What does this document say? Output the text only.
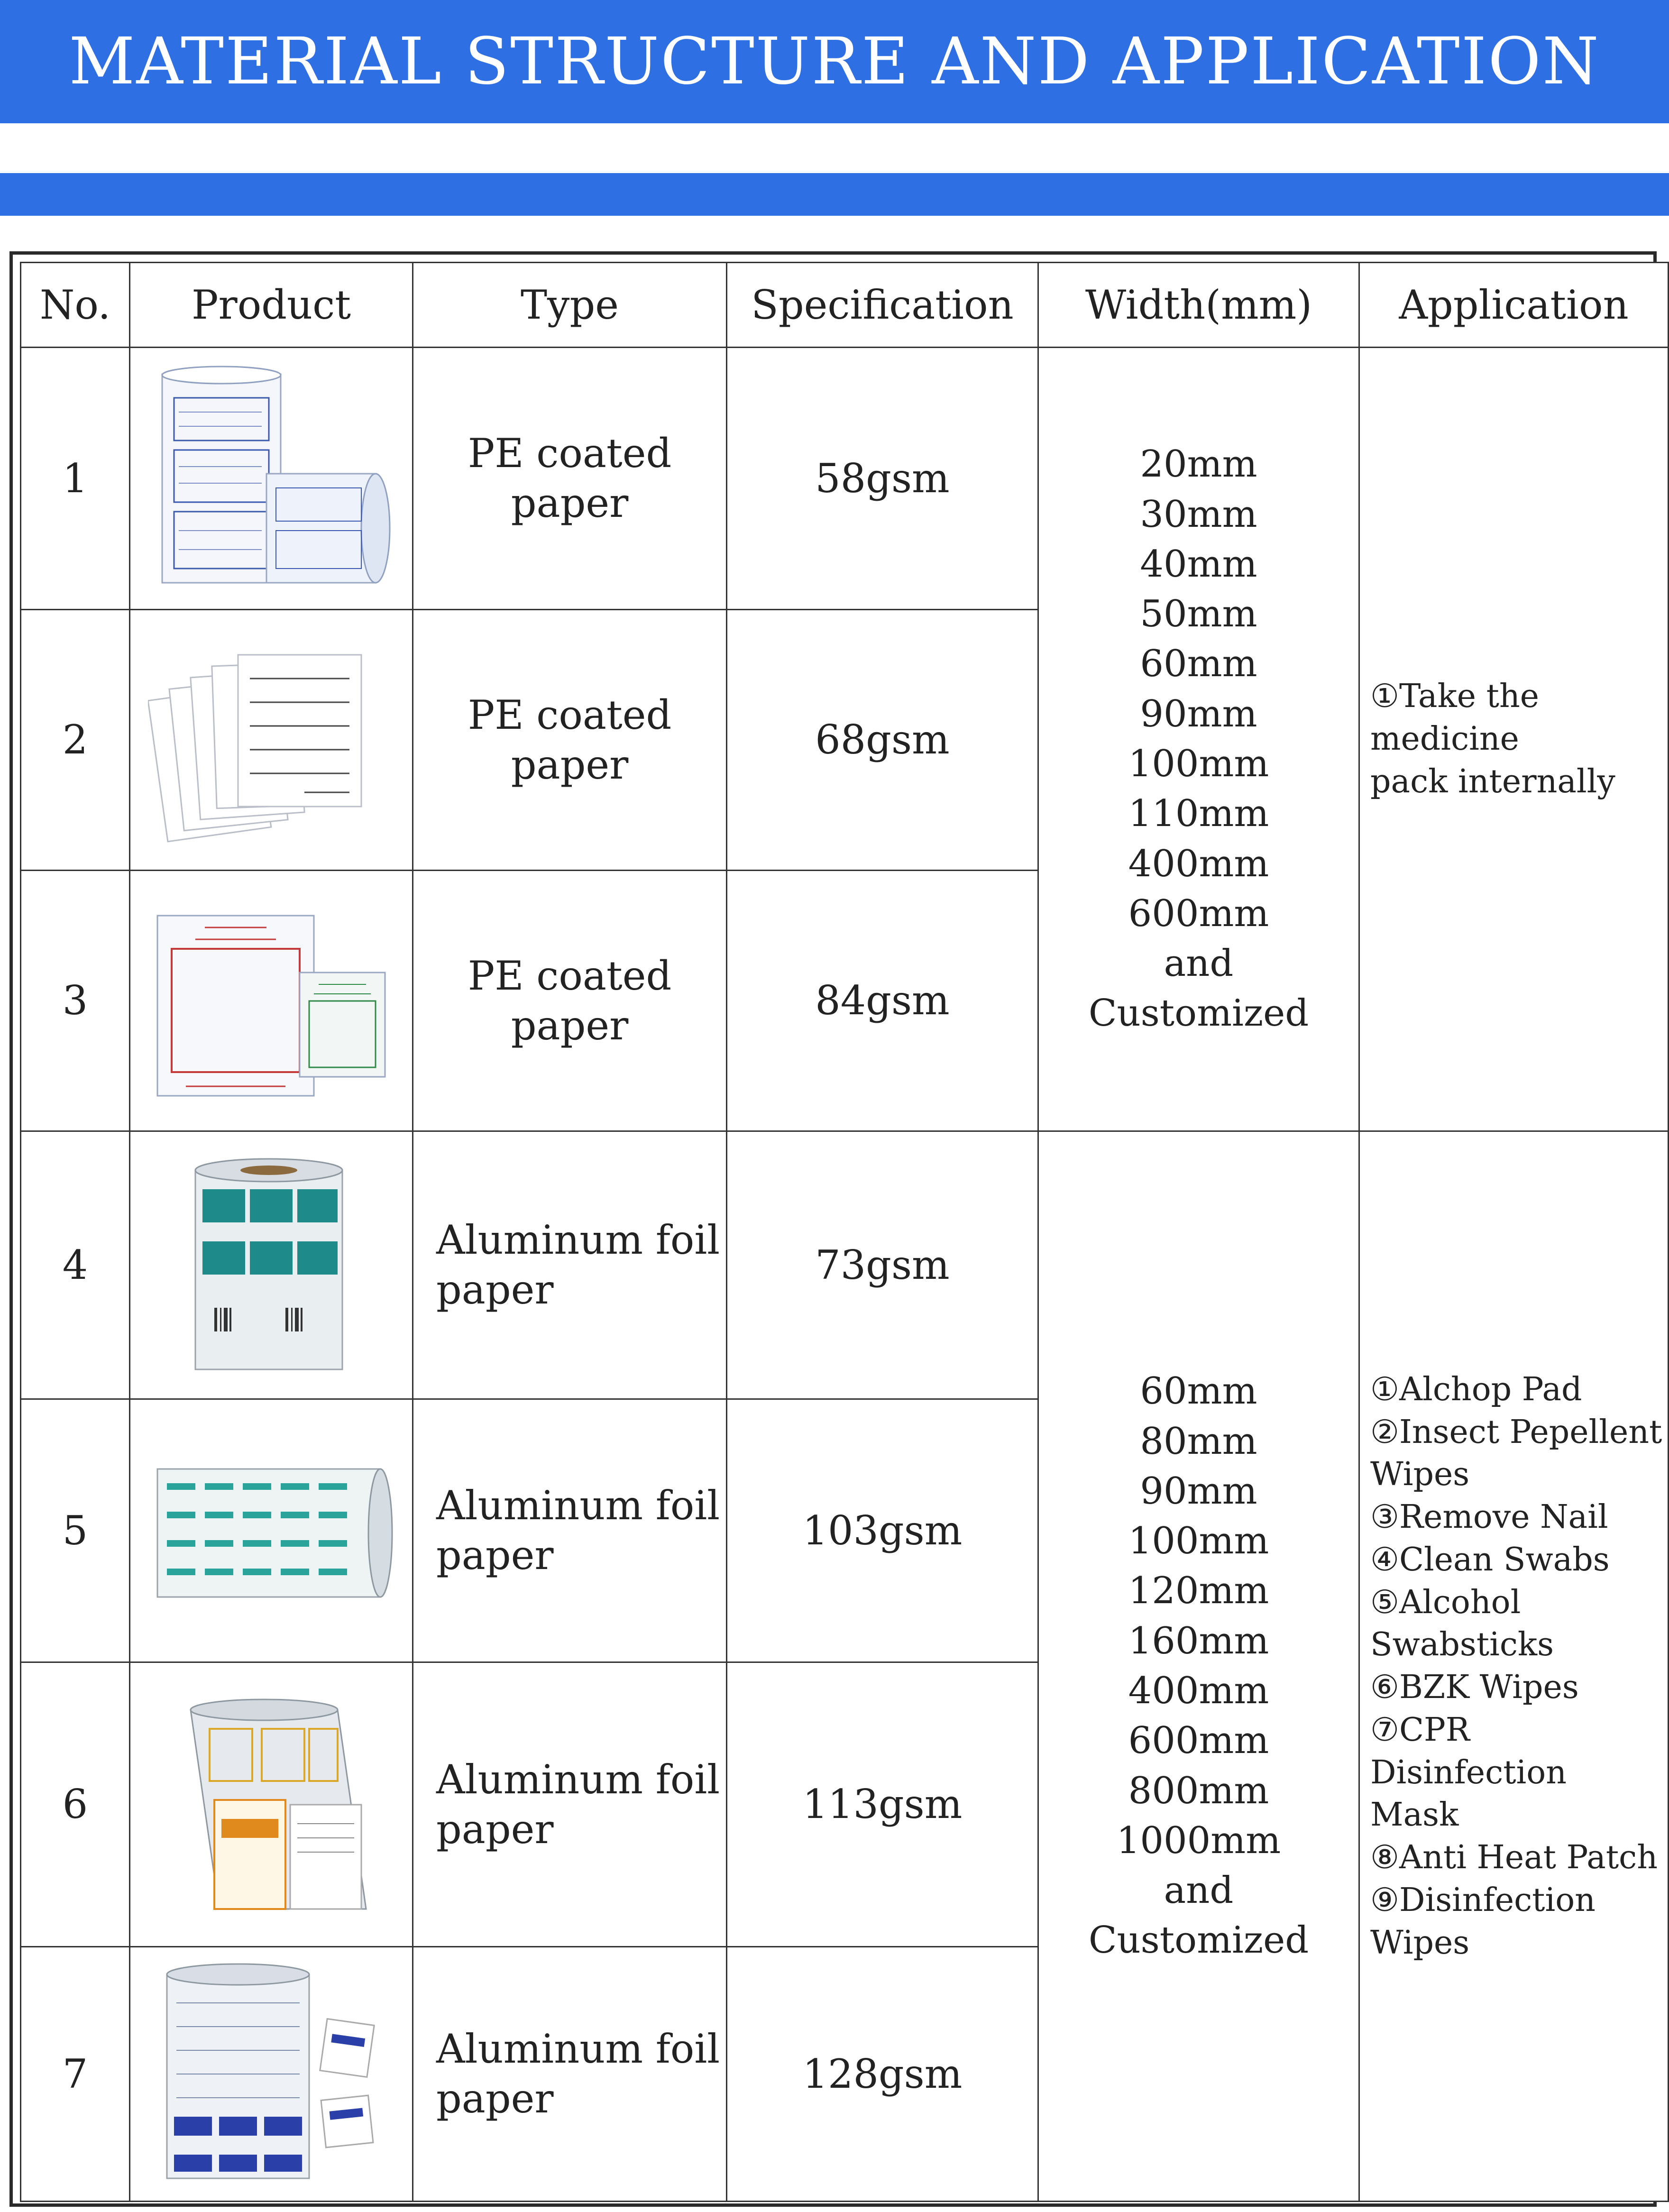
MATERIAL STRUCTURE AND APPLICATION
No. Product	Type	Specification Width(mm) Application
1
PE coated
paper
58gsm
2
PE coated
paper
68gsm
3
PE coated
paper
84gsm
20mm
30mm
40mm
50mm
60mm
90mm
100mm
110mm
400mm
600mm
and
Customized
①Take the medicine
pack internally
4
Aluminum foil
paper
73gsm
5
Aluminum foil
paper
103gsm
6
Aluminum foil
paper
113gsm
7
Aluminum foil
paper
128gsm
60mm
80mm
90mm
100mm
120mm
160mm
400mm
600mm
800mm
1000mm
and
Customized
①Alchop Pad
②Insect Pepellent
Wipes
③Remove Nail
④Clean Swabs
⑤Alcohol
Swabsticks
⑥BZK Wipes
⑦CPR Disinfection
Mask
⑧Anti Heat Patch
⑨Disinfection
Wipes
